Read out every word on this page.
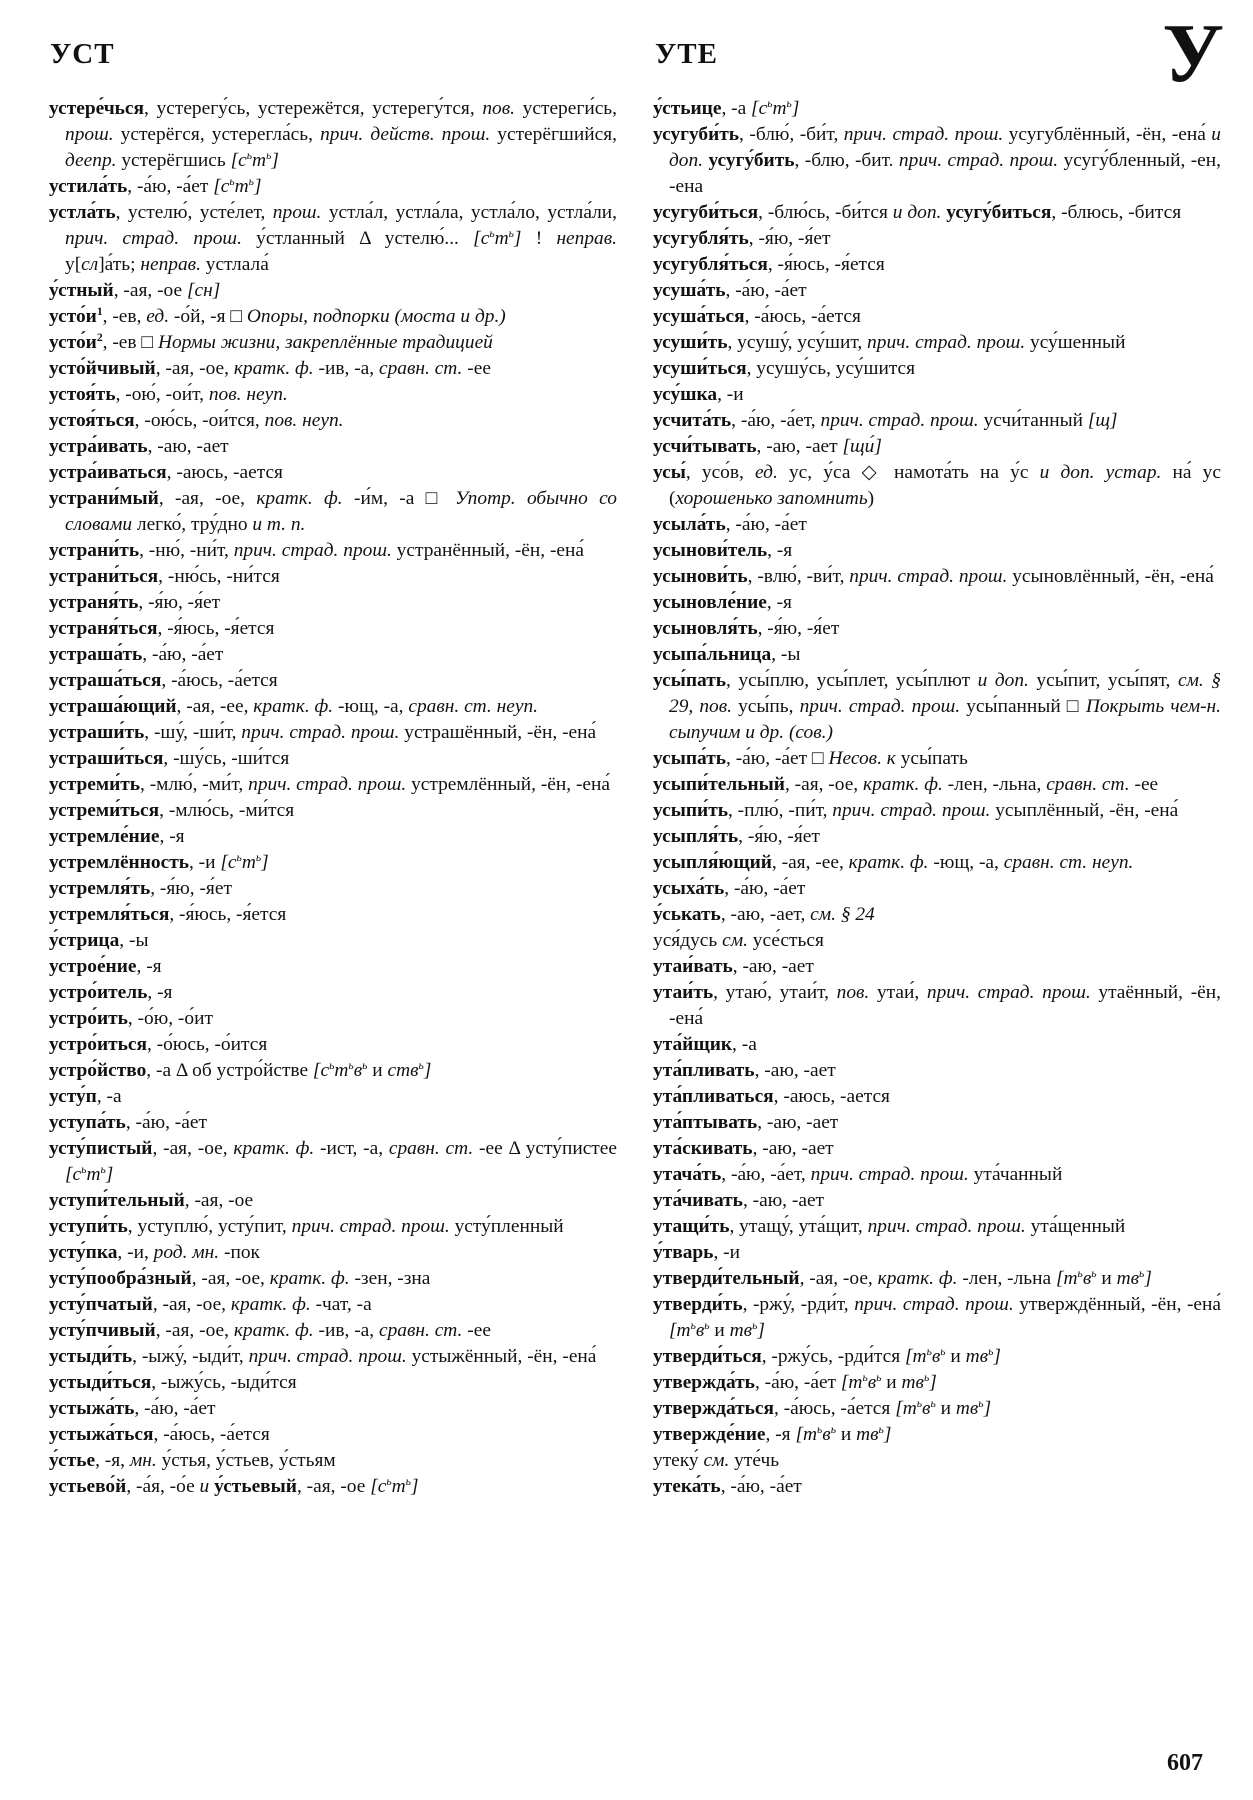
УСТ	УТЕ	У

устере́чься, устерегу́сь, устережётся, устерегу́тся, пов. устереги́сь, прош. устерёгся, устерегла́сь, прич. действ. прош. устерёгшийся, деепр. устерёгшись $[с^ьт^ь]$

устила́ть, -а́ю, -а́ет $[с^ьт^ь]$

устла́ть, устелю́, усте́лет, прош. устла́л, устла́ла, устла́ло, устла́ли, прич. страд. прош. у́стланный Δ устелю́... $[с^ьт^ь]$ ! неправ. у[сл]а́ть; неправ. устлала́

у́стный, -ая, -ое [сн]

$усто́и^1$, -ев, ед. -о́й, -я □ Опоры, подпорки (моста и др.)

$усто́и^2$, -ев □ Нормы жизни, закреплённые традицией

усто́йчивый, -ая, -ое, кратк. ф. -ив, -а, сравн. ст. -ее

устоя́ть, -ою́, -ои́т, пов. неуп.

устоя́ться, -ою́сь, -ои́тся, пов. неуп.

устра́ивать, -аю, -ает

устра́иваться, -аюсь, -ается

устрани́мый, -ая, -ое, кратк. ф. -и́м, -а □ Употр. обычно со словами легко́, тру́дно и т. п.

устрани́ть, -ню́, -ни́т, прич. страд. прош. устранённый, -ён, -ена́

устрани́ться, -ню́сь, -ни́тся

устраня́ть, -я́ю, -я́ет

устраня́ться, -я́юсь, -я́ется

устраша́ть, -а́ю, -а́ет

устраша́ться, -а́юсь, -а́ется

устраша́ющий, -ая, -ее, кратк. ф. -ющ, -а, сравн. ст. неуп.

устраши́ть, -шу́, -ши́т, прич. страд. прош. устрашённый, -ён, -ена́

устраши́ться, -шу́сь, -ши́тся

устреми́ть, -млю́, -ми́т, прич. страд. прош. устремлённый, -ён, -ена́

устреми́ться, -млю́сь, -ми́тся

устремле́ние, -я

устремлённость, -и $[с^ьт^ь]$

устремля́ть, -я́ю, -я́ет

устремля́ться, -я́юсь, -я́ется

у́стрица, -ы

устрое́ние, -я

устро́итель, -я

устро́ить, -о́ю, -о́ит

устро́иться, -о́юсь, -о́ится

устро́йство, -а Δ об устро́йстве [$с^ьт^ьв^ь$ и ств$^ь$]

усту́п, -а

уступа́ть, -а́ю, -а́ет

усту́пистый, -ая, -ое, кратк. ф. -ист, -а, сравн. ст. -ее Δ усту́пистее $[с^ьт^ь]$

уступи́тельный, -ая, -ое

уступи́ть, уступлю́, усту́пит, прич. страд. прош. усту́пленный

усту́пка, -и, род. мн. -пок

усту́пообра́зный, -ая, -ое, кратк. ф. -зен, -зна

усту́пчатый, -ая, -ое, кратк. ф. -чат, -а

усту́пчивый, -ая, -ое, кратк. ф. -ив, -а, сравн. ст. -ее

устыди́ть, -ыжу́, -ыди́т, прич. страд. прош. устыжённый, -ён, -ена́

устыди́ться, -ыжу́сь, -ыди́тся

устыжа́ть, -а́ю, -а́ет

устыжа́ться, -а́юсь, -а́ется

у́стье, -я, мн. у́стья, у́стьев, у́стьям

устьево́й, -а́я, -о́е и у́стьевый, -ая, -ое $[с^ьт^ь]$

у́стьице, -а $[с^ьт^ь]$

усугуби́ть, -блю́, -би́т, прич. страд. прош. усугублённый, -ён, -ена́ и доп. усугу́бить, -блю, -бит. прич. страд. прош. усугу́бленный, -ен, -ена

усугуби́ться, -блю́сь, -би́тся и доп. усугу́биться, -блюсь, -бится

усугубля́ть, -я́ю, -я́ет

усугубля́ться, -я́юсь, -я́ется

усуша́ть, -а́ю, -а́ет

усуша́ться, -а́юсь, -а́ется

усуши́ть, усушу́, усу́шит, прич. страд. прош. усу́шенный

усуши́ться, усушу́сь, усу́шится

усу́шка, -и

усчита́ть, -а́ю, -а́ет, прич. страд. прош. усчи́танный [щ]

усчи́тывать, -аю, -ает [щи́]

усы́, усо́в, ед. ус, у́са ◇ намота́ть на у́с и доп. устар. на́ ус (хорошенько запомнить)

усыла́ть, -а́ю, -а́ет

усынови́тель, -я

усынови́ть, -влю́, -ви́т, прич. страд. прош. усыновлённый, -ён, -ена́

усыновле́ние, -я

усыновля́ть, -я́ю, -я́ет

усыпа́льница, -ы

усы́пать, усы́плю, усы́плет, усы́плют и доп. усы́пит, усы́пят, см. § 29, пов. усы́пь, прич. страд. прош. усы́панный □ Покрыть чем-н. сыпучим и др. (сов.)

усыпа́ть, -а́ю, -а́ет □ Несов. к усы́пать

усыпи́тельный, -ая, -ое, кратк. ф. -лен, -льна, сравн. ст. -ее

усыпи́ть, -плю́, -пи́т, прич. страд. прош. усыплённый, -ён, -ена́

усыпля́ть, -я́ю, -я́ет

усыпля́ющий, -ая, -ее, кратк. ф. -ющ, -а, сравн. ст. неуп.

усыха́ть, -а́ю, -а́ет

у́ськать, -аю, -ает, см. § 24

уся́дусь см. усе́сться

утаи́вать, -аю, -ает

утаи́ть, утаю́, утаи́т, пов. утаи́, прич. страд. прош. утаённый, -ён, -ена́

ута́йщик, -а

ута́пливать, -аю, -ает

ута́пливаться, -аюсь, -ается

ута́птывать, -аю, -ает

ута́скивать, -аю, -ает

утача́ть, -а́ю, -а́ет, прич. страд. прош. ута́чанный

ута́чивать, -аю, -ает

утащи́ть, утащу́, ута́щит, прич. страд. прош. ута́щенный

у́тварь, -и

утверди́тельный, -ая, -ое, кратк. ф. -лен, -льна [$т^ьв^ь$ и $тв^ь$]

утверди́ть, -ржу́, -рди́т, прич. страд. прош. утверждённый, -ён, -ена́ [$т^ьв^ь$ и $тв^ь$]

утверди́ться, -ржу́сь, -рди́тся [$т^ьв^ь$ и $тв^ь$]

утвержда́ть, -а́ю, -а́ет [$т^ьв^ь$ и $тв^ь$]

утвержда́ться, -а́юсь, -а́ется [$т^ьв^ь$ и $тв^ь$]

утвержде́ние, -я [$т^ьв^ь$ и $тв^ь$]

утеку́ см. уте́чь

утека́ть, -а́ю, -а́ет

607
